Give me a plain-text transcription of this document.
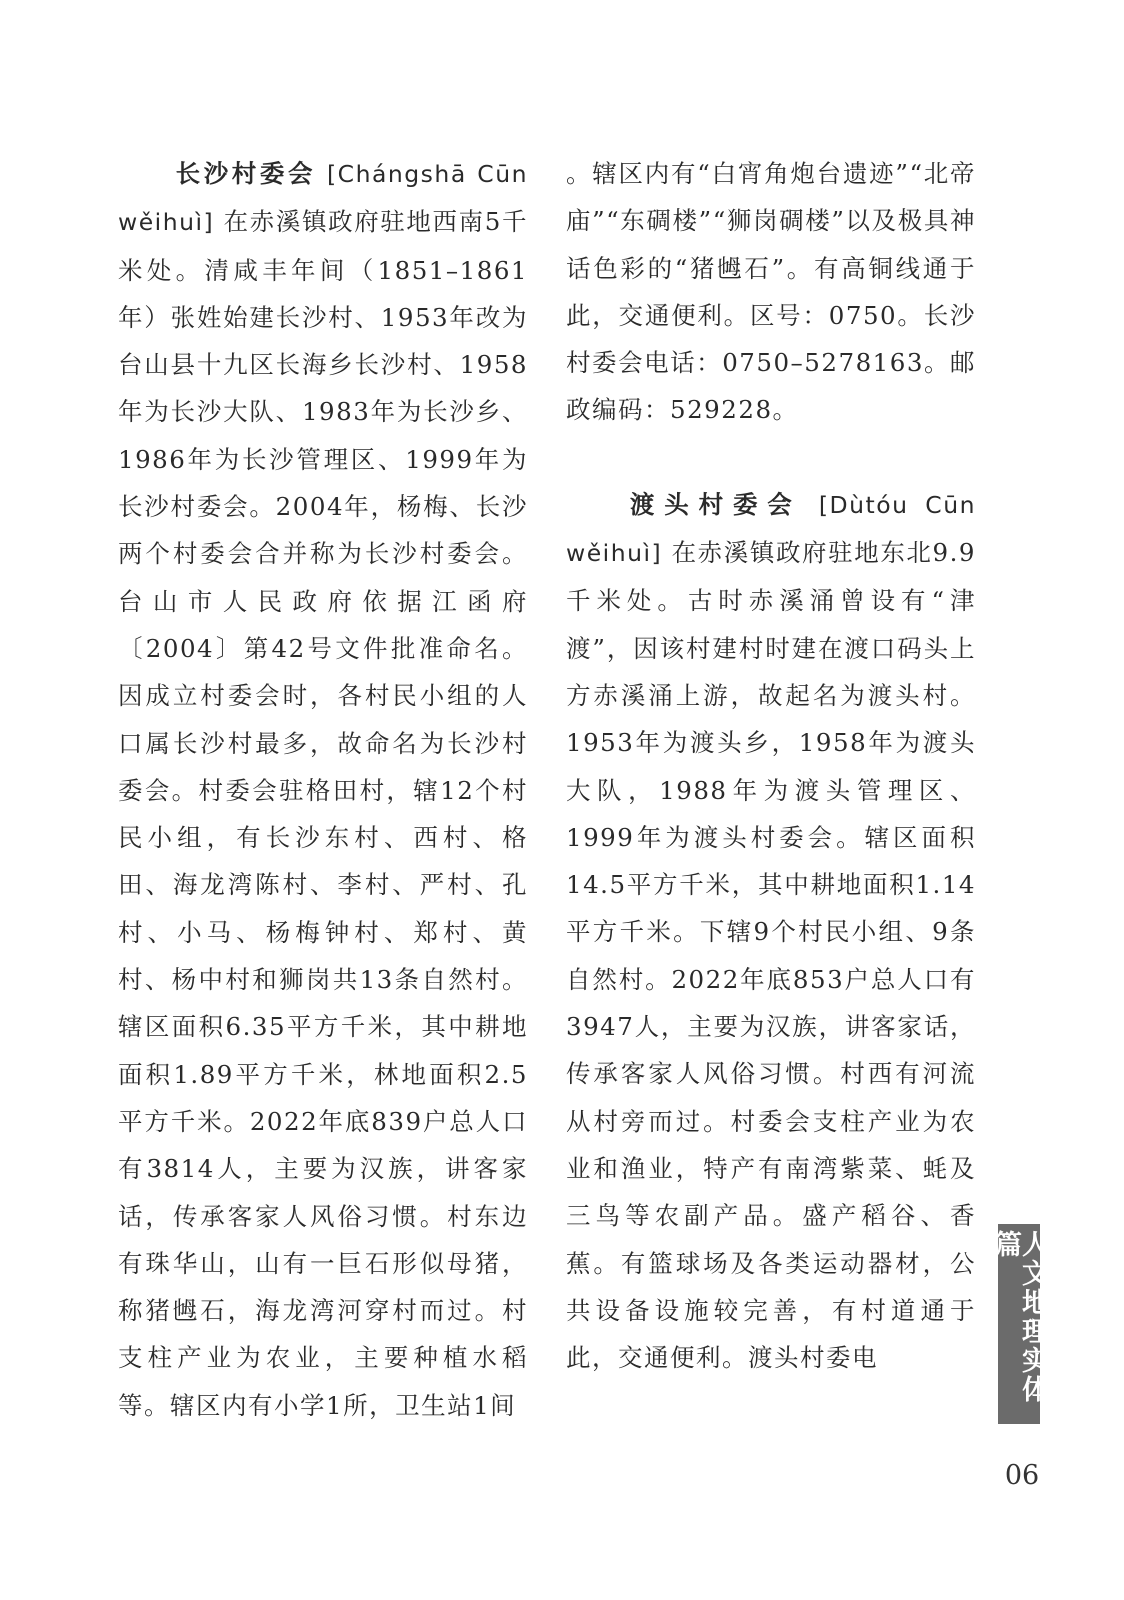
长沙村委会 [Chángshā Cūn wěihuì] 在赤溪镇政府驻地西南5千米处。清咸丰年间（1851–1861年）张姓始建长沙村、1953年改为台山县十九区长海乡长沙村、1958年为长沙大队、1983年为长沙乡、1986年为长沙管理区、1999年为长沙村委会。2004年，杨梅、长沙两个村委会合并称为长沙村委会。台山市人民政府依据江函府〔2004〕第42号文件批准命名。因成立村委会时，各村民小组的人口属长沙村最多，故命名为长沙村委会。村委会驻格田村，辖12个村民小组，有长沙东村、西村、格田、海龙湾陈村、李村、严村、孔村、小马、杨梅钟村、郑村、黄村、杨中村和狮岗共13条自然村。辖区面积6.35平方千米，其中耕地面积1.89平方千米，林地面积2.5平方千米。2022年底839户总人口有3814人，主要为汉族，讲客家话，传承客家人风俗习惯。村东边有珠华山，山有一巨石形似母猪，称猪乸石，海龙湾河穿村而过。村支柱产业为农业，主要种植水稻等。辖区内有小学1所，卫生站1间

。辖区内有“白宵角炮台遗迹”“北帝庙”“东碉楼”“狮岗碉楼”以及极具神话色彩的“猪乸石”。有高铜线通于此，交通便利。区号：0750。长沙村委会电话：0750–5278163。邮政编码：529228。

渡头村委会 [Dùtóu Cūn wěihuì] 在赤溪镇政府驻地东北9.9千米处。古时赤溪涌曾设有“津渡”，因该村建村时建在渡口码头上方赤溪涌上游，故起名为渡头村。1953年为渡头乡，1958年为渡头大队，1988年为渡头管理区、1999年为渡头村委会。辖区面积14.5平方千米，其中耕地面积1.14平方千米。下辖9个村民小组、9条自然村。2022年底853户总人口有3947人，主要为汉族，讲客家话，传承客家人风俗习惯。村西有河流从村旁而过。村委会支柱产业为农业和渔业，特产有南湾紫菜、蚝及三鸟等农副产品。盛产稻谷、香蕉。有篮球场及各类运动器材，公共设备设施较完善，有村道通于此，交通便利。渡头村委电	人文地理实体篇
06
